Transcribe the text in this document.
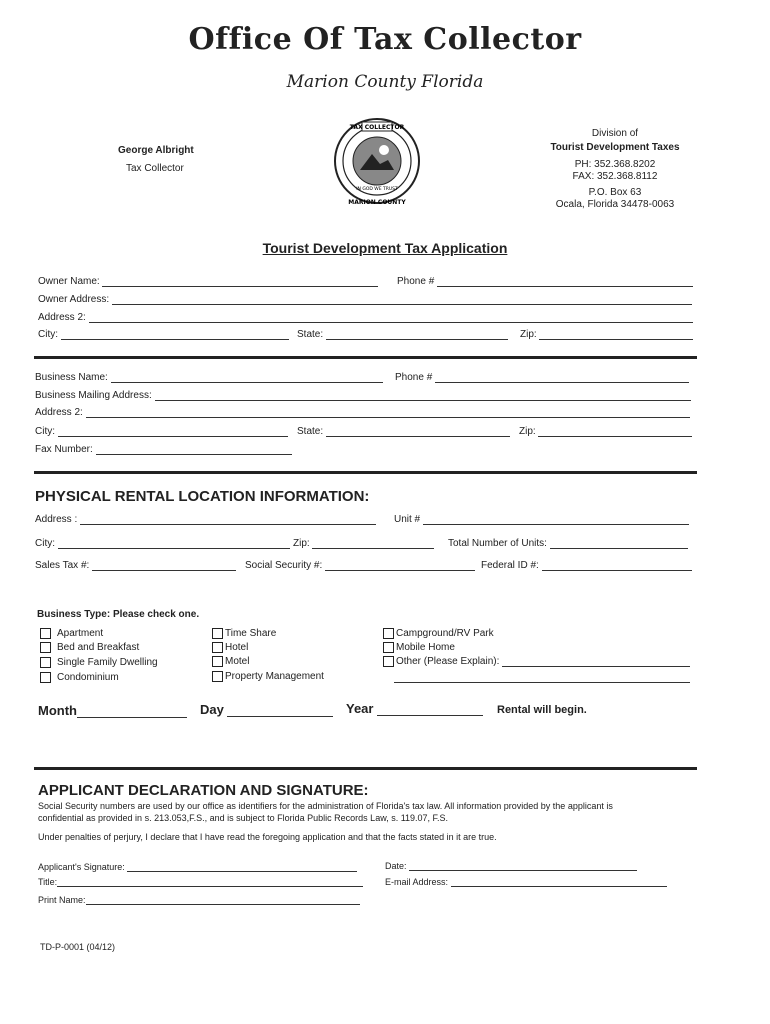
Office Of Tax Collector
Marion County Florida
George Albright
Tax Collector
TAX COLLECTOR
MARION COUNTY
IN GOD WE TRUST
Division of
Tourist Development Taxes
PH: 352.368.8202
FAX: 352.368.8112
P.O. Box 63
Ocala, Florida 34478-0063
Tourist Development Tax Application
Owner Name:	Phone #
Owner Address:
Address 2:
City:	State:	Zip:
Business Name:	Phone #
Business Mailing Address:
Address 2:
City:	State:	Zip:
Fax Number:
PHYSICAL RENTAL LOCATION INFORMATION:
Address :	Unit #
City:	Zip:	Total Number of Units:
Sales Tax #:	Social Security #:	Federal ID #:
Business Type: Please check one.
Apartment
Bed and Breakfast
Single Family Dwelling
Condominium
Time Share
Hotel
Motel
Property Management
Campground/RV Park
Mobile Home
Other (Please Explain):
Month	Day	Year	Rental will begin.
APPLICANT DECLARATION AND SIGNATURE:
Social Security numbers are used by our office as identifiers for the administration of Florida's tax law. All information provided by the applicant is
confidential as provided in s. 213.053,F.S., and is subject to Florida Public Records Law, s. 119.07, F.S.
Under penalties of perjury, I declare that I have read the foregoing application and that the facts stated in it are true.
Applicant's Signature:	Date:
Title:	E-mail Address:
Print Name:
TD-P-0001 (04/12)
